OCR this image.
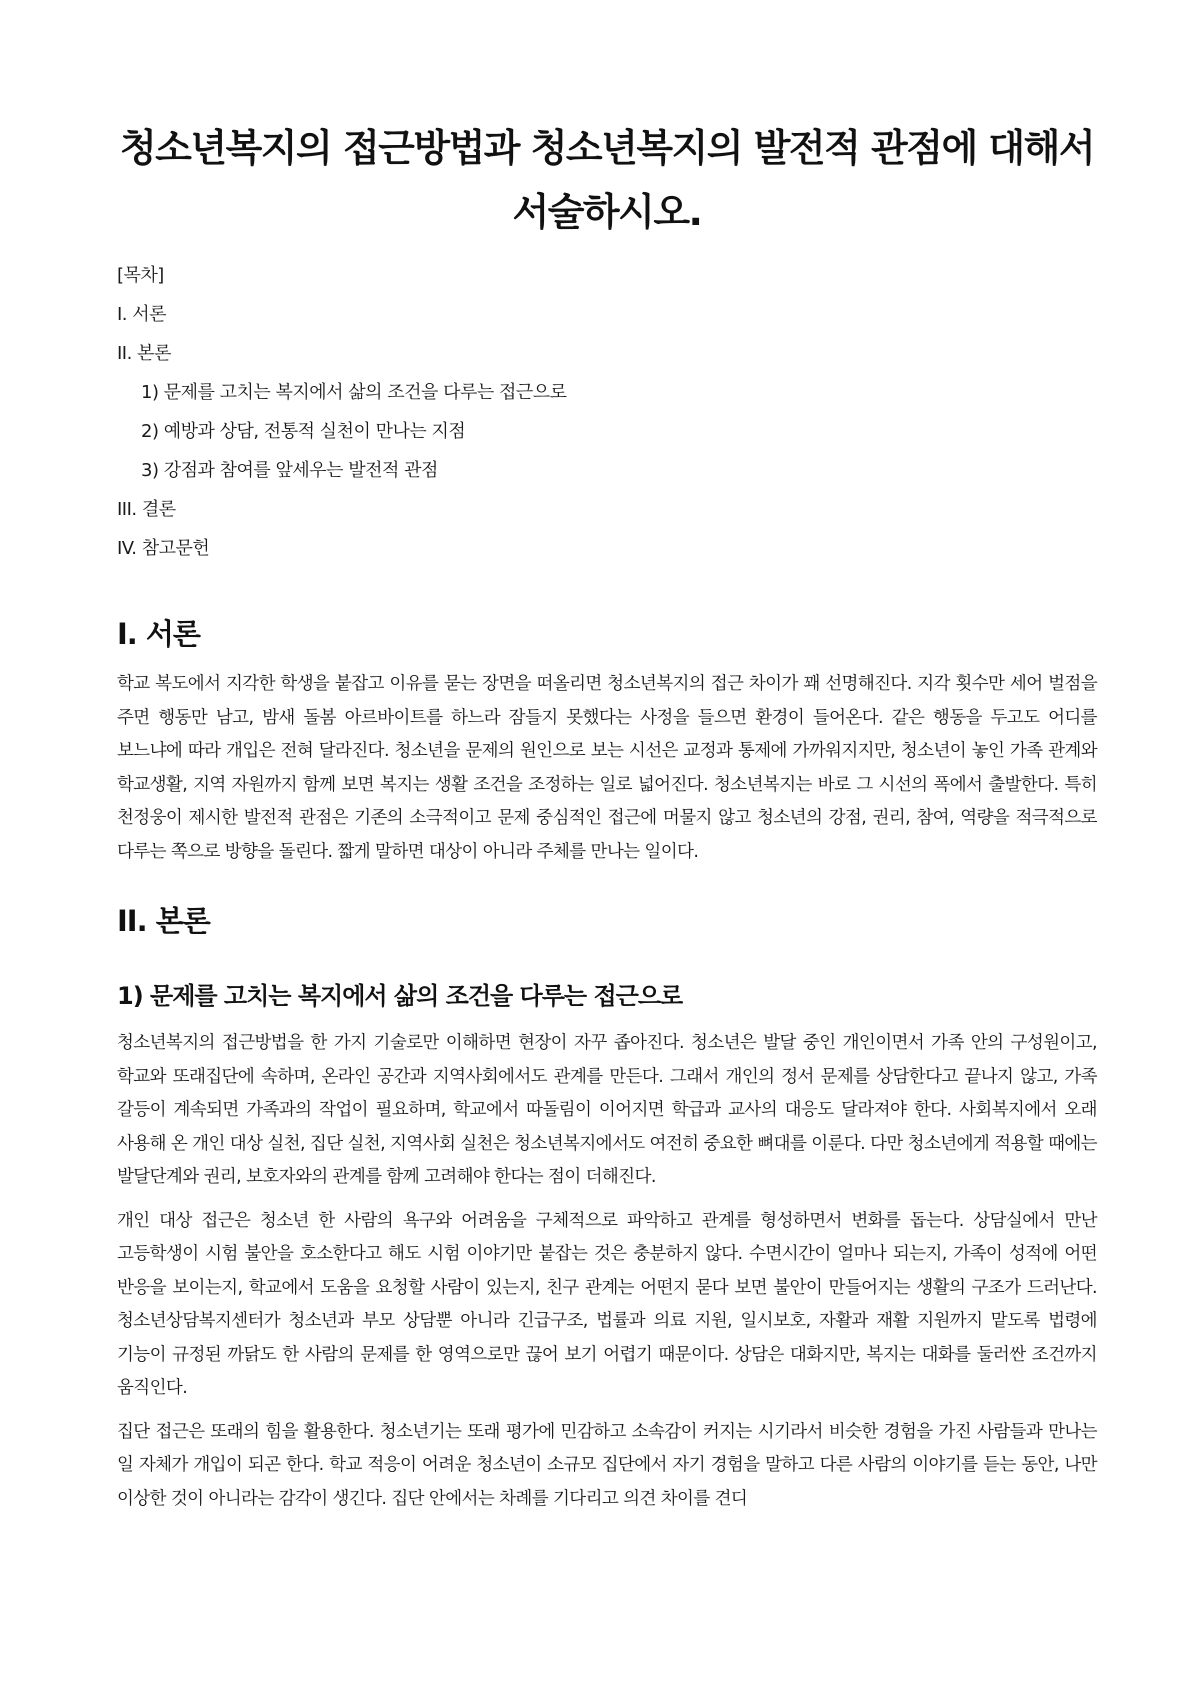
청소년복지의 접근방법과 청소년복지의 발전적 관점에 대해서 서술하시오.
[목차]
I. 서론
II. 본론
1) 문제를 고치는 복지에서 삶의 조건을 다루는 접근으로
2) 예방과 상담, 전통적 실천이 만나는 지점
3) 강점과 참여를 앞세우는 발전적 관점
III. 결론
IV. 참고문헌
I. 서론

학교 복도에서 지각한 학생을 붙잡고 이유를 묻는 장면을 떠올리면 청소년복지의 접근 차이가 꽤 선명해진다. 지각 횟수만 세어 벌점을 주면 행동만 남고, 밤새 돌봄 아르바이트를 하느라 잠들지 못했다는 사정을 들으면 환경이 들어온다. 같은 행동을 두고도 어디를 보느냐에 따라 개입은 전혀 달라진다. 청소년을 문제의 원인으로 보는 시선은 교정과 통제에 가까워지지만, 청소년이 놓인 가족 관계와 학교생활, 지역 자원까지 함께 보면 복지는 생활 조건을 조정하는 일로 넓어진다. 청소년복지는 바로 그 시선의 폭에서 출발한다. 특히 천정웅이 제시한 발전적 관점은 기존의 소극적이고 문제 중심적인 접근에 머물지 않고 청소년의 강점, 권리, 참여, 역량을 적극적으로 다루는 쪽으로 방향을 돌린다. 짧게 말하면 대상이 아니라 주체를 만나는 일이다.

II. 본론
1) 문제를 고치는 복지에서 삶의 조건을 다루는 접근으로

청소년복지의 접근방법을 한 가지 기술로만 이해하면 현장이 자꾸 좁아진다. 청소년은 발달 중인 개인이면서 가족 안의 구성원이고, 학교와 또래집단에 속하며, 온라인 공간과 지역사회에서도 관계를 만든다. 그래서 개인의 정서 문제를 상담한다고 끝나지 않고, 가족 갈등이 계속되면 가족과의 작업이 필요하며, 학교에서 따돌림이 이어지면 학급과 교사의 대응도 달라져야 한다. 사회복지에서 오래 사용해 온 개인 대상 실천, 집단 실천, 지역사회 실천은 청소년복지에서도 여전히 중요한 뼈대를 이룬다. 다만 청소년에게 적용할 때에는 발달단계와 권리, 보호자와의 관계를 함께 고려해야 한다는 점이 더해진다.

개인 대상 접근은 청소년 한 사람의 욕구와 어려움을 구체적으로 파악하고 관계를 형성하면서 변화를 돕는다. 상담실에서 만난 고등학생이 시험 불안을 호소한다고 해도 시험 이야기만 붙잡는 것은 충분하지 않다. 수면시간이 얼마나 되는지, 가족이 성적에 어떤 반응을 보이는지, 학교에서 도움을 요청할 사람이 있는지, 친구 관계는 어떤지 묻다 보면 불안이 만들어지는 생활의 구조가 드러난다. 청소년상담복지센터가 청소년과 부모 상담뿐 아니라 긴급구조, 법률과 의료 지원, 일시보호, 자활과 재활 지원까지 맡도록 법령에 기능이 규정된 까닭도 한 사람의 문제를 한 영역으로만 끊어 보기 어렵기 때문이다. 상담은 대화지만, 복지는 대화를 둘러싼 조건까지 움직인다.

집단 접근은 또래의 힘을 활용한다. 청소년기는 또래 평가에 민감하고 소속감이 커지는 시기라서 비슷한 경험을 가진 사람들과 만나는 일 자체가 개입이 되곤 한다. 학교 적응이 어려운 청소년이 소규모 집단에서 자기 경험을 말하고 다른 사람의 이야기를 듣는 동안, 나만 이상한 것이 아니라는 감각이 생긴다. 집단 안에서는 차례를 기다리고 의견 차이를 견디
